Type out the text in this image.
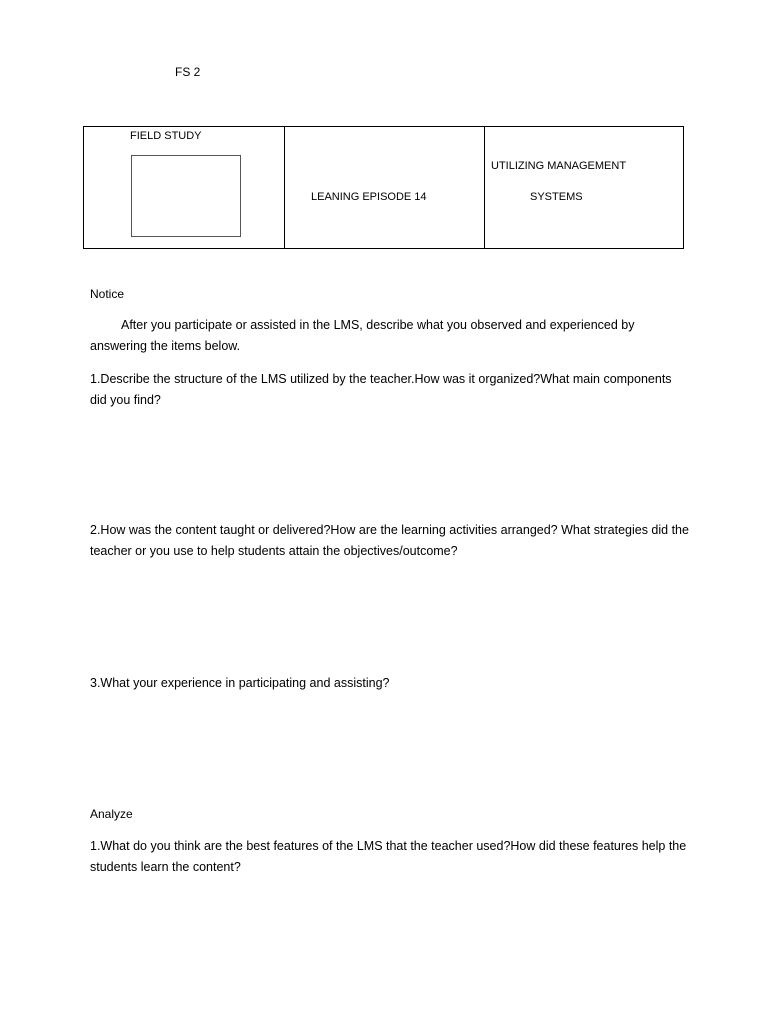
FS 2
FIELD STUDY
LEANING EPISODE 14
UTILIZING MANAGEMENT
SYSTEMS
Notice
After you participate or assisted in the LMS, describe what you observed and experienced by answering the items below.
1.Describe the structure of the LMS utilized by the teacher.How was it organized?What main components did you find?
2.How was the content taught or delivered?How are the learning activities arranged? What strategies did the teacher or you use to help students attain the objectives/outcome?
3.What your experience in participating and assisting?
Analyze
1.What do you think are the best features of the LMS that the teacher used?How did these features help the students learn the content?
